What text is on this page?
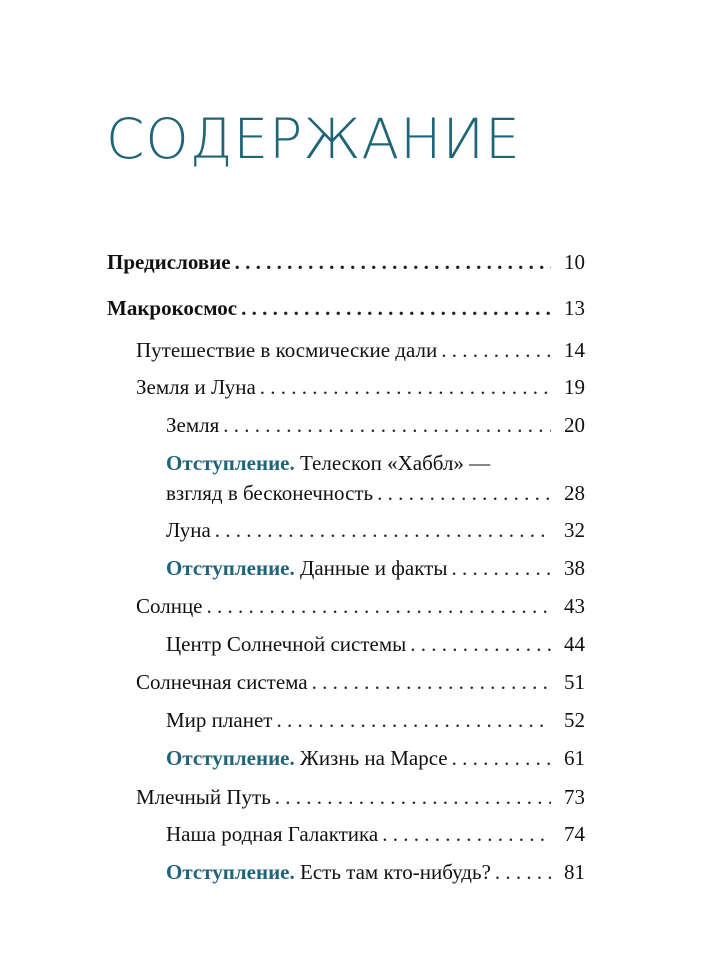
СОДЕРЖАНИЕ
Предисловие . . .	10
Макрокосмос . . .	13
Путешествие в космические дали . . .	14
Земля и Луна . . .	19
Земля . . .	20
Отступление. Телескоп «Хаббл» —
взгляд в бесконечность . . .	28
Луна . . .	32
Отступление. Данные и факты . . .	38
Солнце . . .	43
Центр Солнечной системы . . .	44
Солнечная система . . .	51
Мир планет . . .	52
Отступление. Жизнь на Марсе . . .	61
Млечный Путь . . .	73
Наша родная Галактика . . .	74
Отступление. Есть там кто-нибудь? . . .	81
